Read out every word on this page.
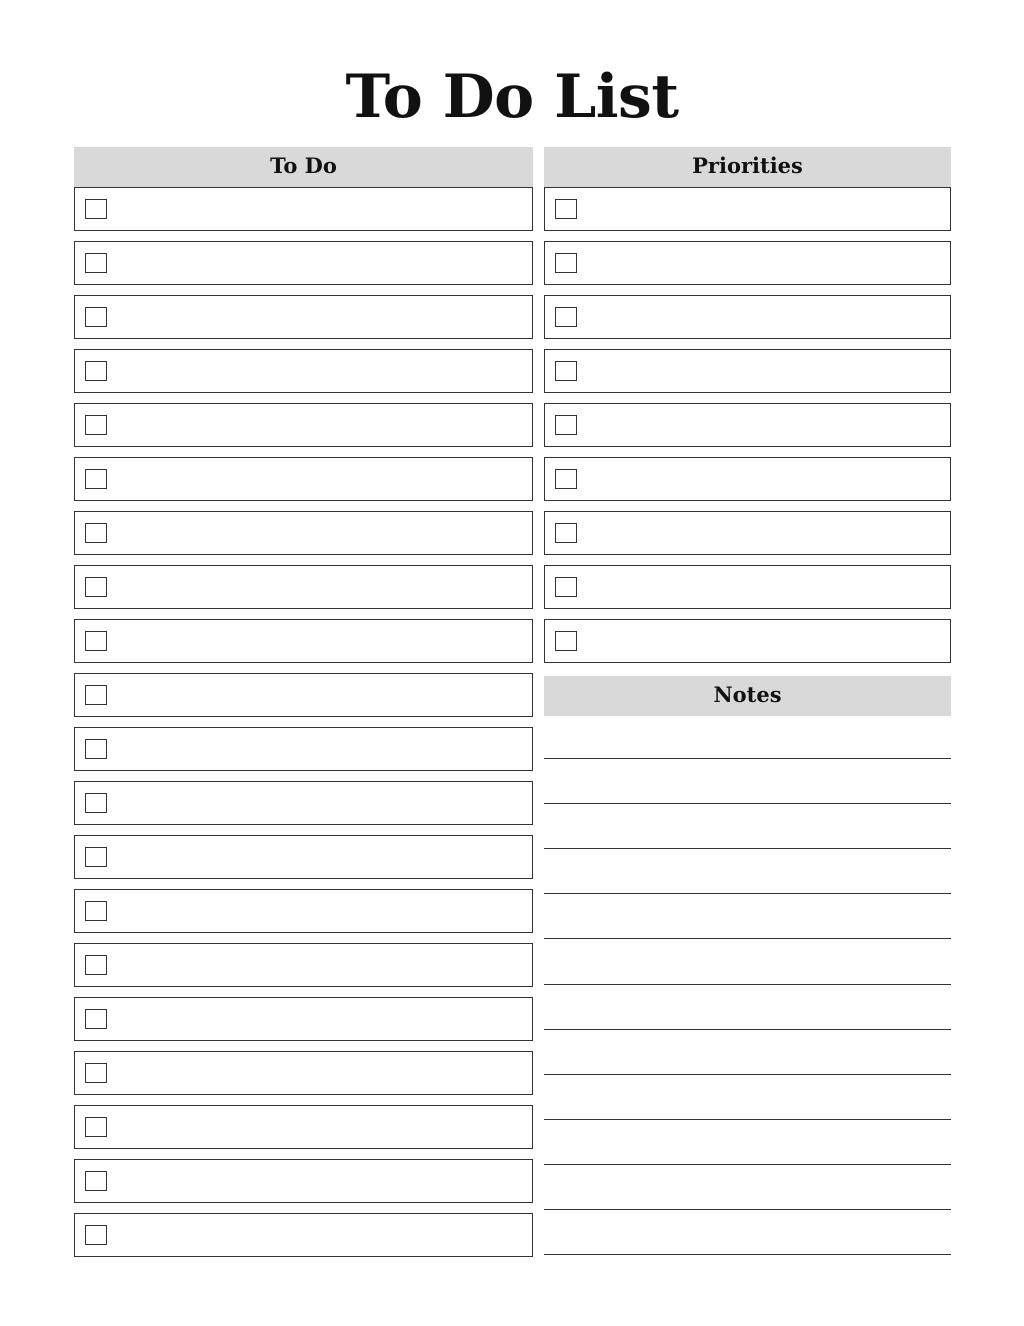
To Do List
To Do	Priorities
Notes
